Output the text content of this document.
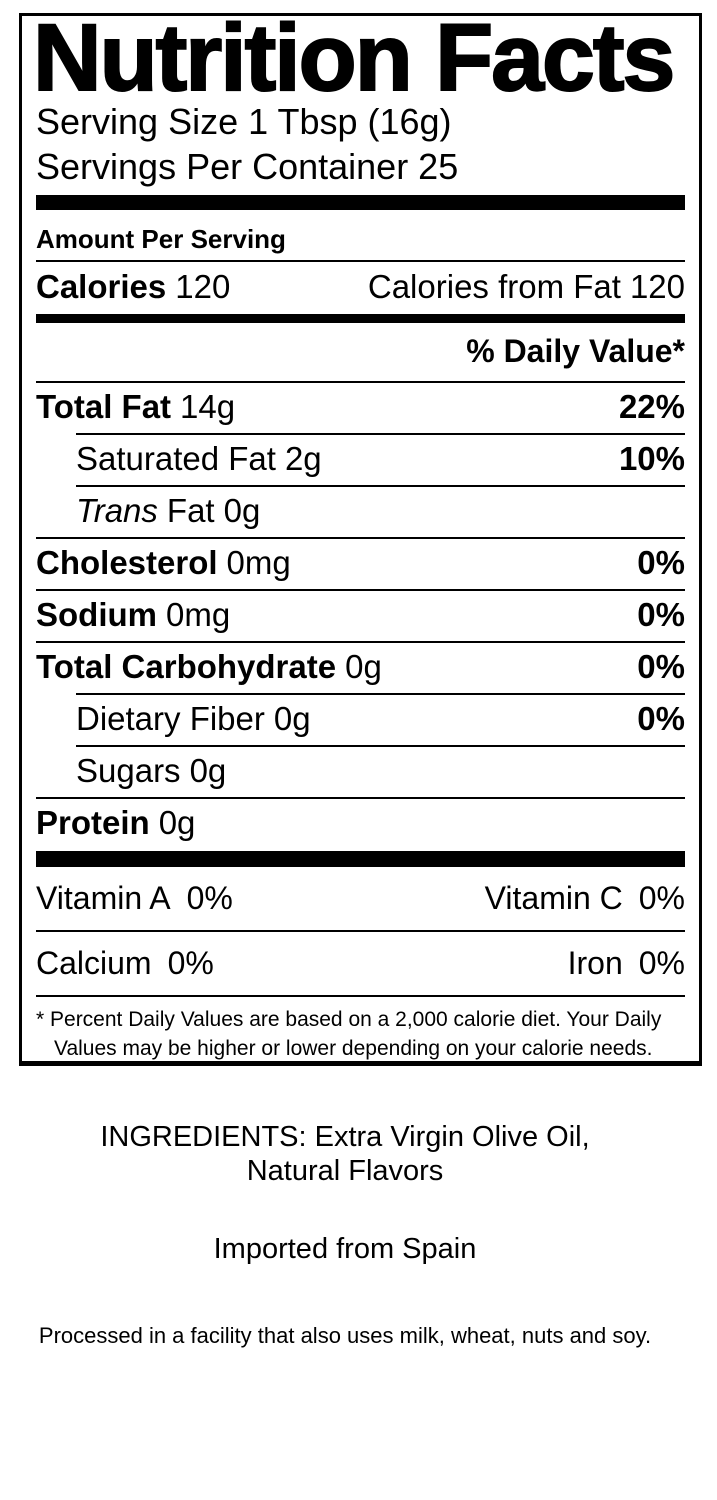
Nutrition Facts
Serving Size 1 Tbsp (16g)
Servings Per Container 25
Amount Per Serving
Calories 120	Calories from Fat 120
% Daily Value*
Total Fat 14g	22%
Saturated Fat 2g	10%
Trans Fat 0g
Cholesterol 0mg	0%
Sodium 0mg	0%
Total Carbohydrate 0g	0%
Dietary Fiber 0g	0%
Sugars 0g
Protein 0g
Vitamin A 0%	Vitamin C 0%
Calcium 0%	Iron 0%
* Percent Daily Values are based on a 2,000 calorie diet. Your Daily Values may be higher or lower depending on your calorie needs.
INGREDIENTS: Extra Virgin Olive Oil,
Natural Flavors
Imported from Spain
Processed in a facility that also uses milk, wheat, nuts and soy.
